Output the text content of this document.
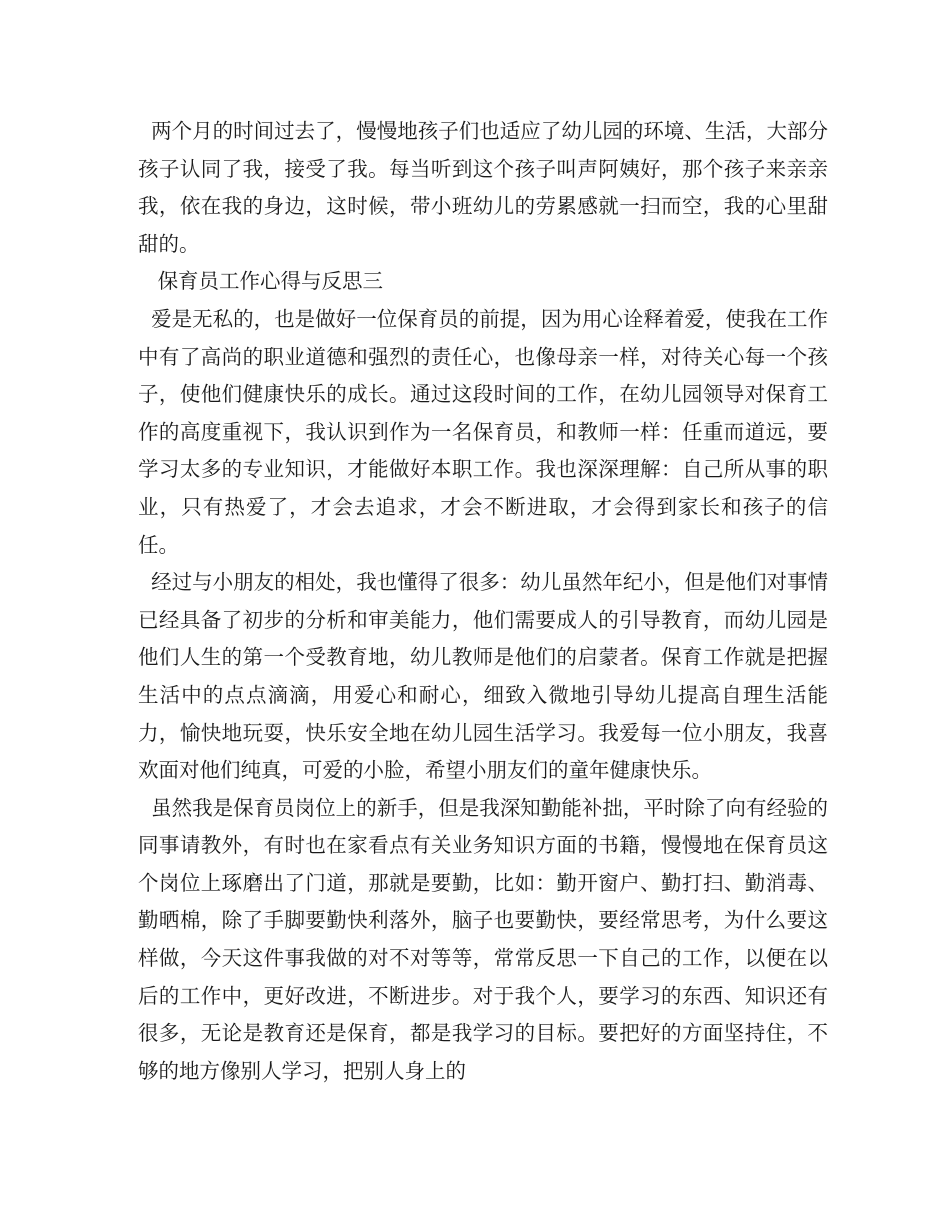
两个月的时间过去了，慢慢地孩子们也适应了幼儿园的环境、生活，大部分孩子认同了我，接受了我。每当听到这个孩子叫声阿姨好，那个孩子来亲亲我，依在我的身边，这时候，带小班幼儿的劳累感就一扫而空，我的心里甜甜的。

保育员工作心得与反思三

爱是无私的，也是做好一位保育员的前提，因为用心诠释着爱，使我在工作中有了高尚的职业道德和强烈的责任心，也像母亲一样，对待关心每一个孩子，使他们健康快乐的成长。通过这段时间的工作，在幼儿园领导对保育工作的高度重视下，我认识到作为一名保育员，和教师一样：任重而道远，要学习太多的专业知识，才能做好本职工作。我也深深理解：自己所从事的职业，只有热爱了，才会去追求，才会不断进取，才会得到家长和孩子的信任。

经过与小朋友的相处，我也懂得了很多：幼儿虽然年纪小，但是他们对事情已经具备了初步的分析和审美能力，他们需要成人的引导教育，而幼儿园是他们人生的第一个受教育地，幼儿教师是他们的启蒙者。保育工作就是把握生活中的点点滴滴，用爱心和耐心，细致入微地引导幼儿提高自理生活能力，愉快地玩耍，快乐安全地在幼儿园生活学习。我爱每一位小朋友，我喜欢面对他们纯真，可爱的小脸，希望小朋友们的童年健康快乐。

虽然我是保育员岗位上的新手，但是我深知勤能补拙，平时除了向有经验的同事请教外，有时也在家看点有关业务知识方面的书籍，慢慢地在保育员这个岗位上琢磨出了门道，那就是要勤，比如：勤开窗户、勤打扫、勤消毒、勤晒棉，除了手脚要勤快利落外，脑子也要勤快，要经常思考，为什么要这样做，今天这件事我做的对不对等等，常常反思一下自己的工作，以便在以后的工作中，更好改进，不断进步。对于我个人，要学习的东西、知识还有很多，无论是教育还是保育，都是我学习的目标。要把好的方面坚持住，不够的地方像别人学习，把别人身上的
